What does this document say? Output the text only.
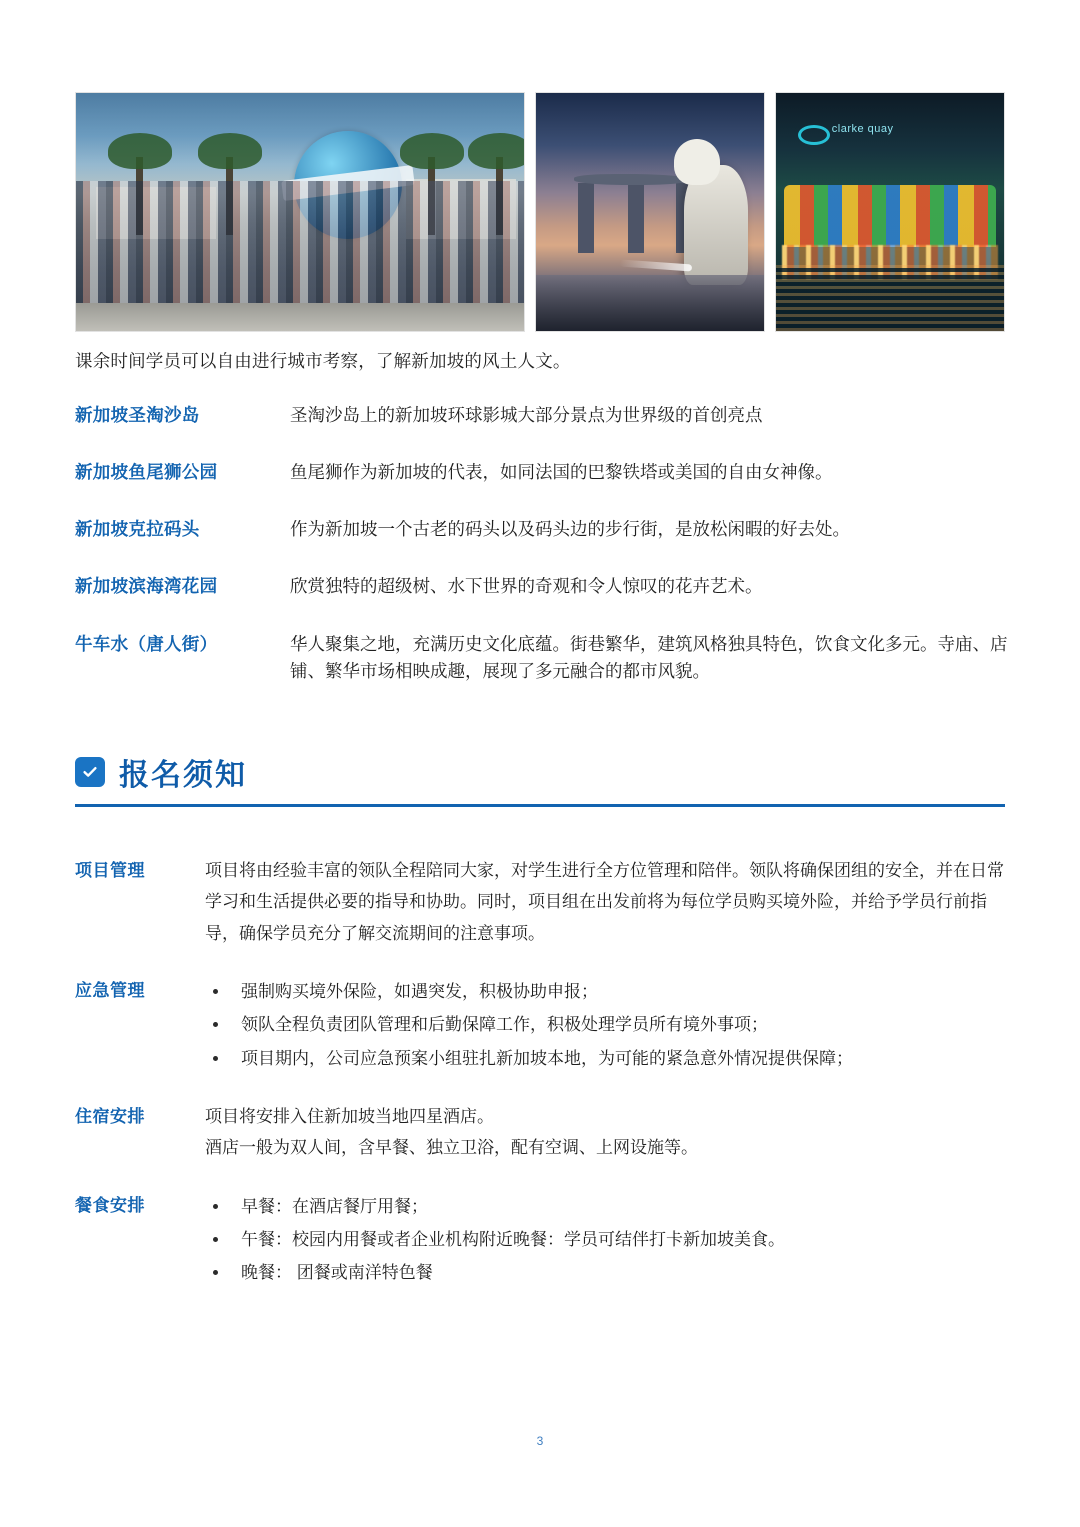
clarke quay
课余时间学员可以自由进行城市考察，了解新加坡的风土人文。
新加坡圣淘沙岛	圣淘沙岛上的新加坡环球影城大部分景点为世界级的首创亮点
新加坡鱼尾狮公园	鱼尾狮作为新加坡的代表，如同法国的巴黎铁塔或美国的自由女神像。
新加坡克拉码头	作为新加坡一个古老的码头以及码头边的步行街，是放松闲暇的好去处。
新加坡滨海湾花园	欣赏独特的超级树、水下世界的奇观和令人惊叹的花卉艺术。
牛车水（唐人街）	华人聚集之地，充满历史文化底蕴。街巷繁华，建筑风格独具特色，饮食文化多元。寺庙、店铺、繁华市场相映成趣，展现了多元融合的都市风貌。
报名须知
项目管理	项目将由经验丰富的领队全程陪同大家，对学生进行全方位管理和陪伴。领队将确保团组的安全，并在日常学习和生活提供必要的指导和协助。同时，项目组在出发前将为每位学员购买境外险，并给予学员行前指导，确保学员充分了解交流期间的注意事项。

应急管理	强制购买境外保险，如遇突发，积极协助申报；
领队全程负责团队管理和后勤保障工作，积极处理学员所有境外事项；
项目期内，公司应急预案小组驻扎新加坡本地，为可能的紧急意外情况提供保障；
住宿安排	项目将安排入住新加坡当地四星酒店。

酒店一般为双人间，含早餐、独立卫浴，配有空调、上网设施等。

餐食安排	早餐：在酒店餐厅用餐；
午餐：校园内用餐或者企业机构附近晚餐：学员可结伴打卡新加坡美食。
晚餐： 团餐或南洋特色餐
3
